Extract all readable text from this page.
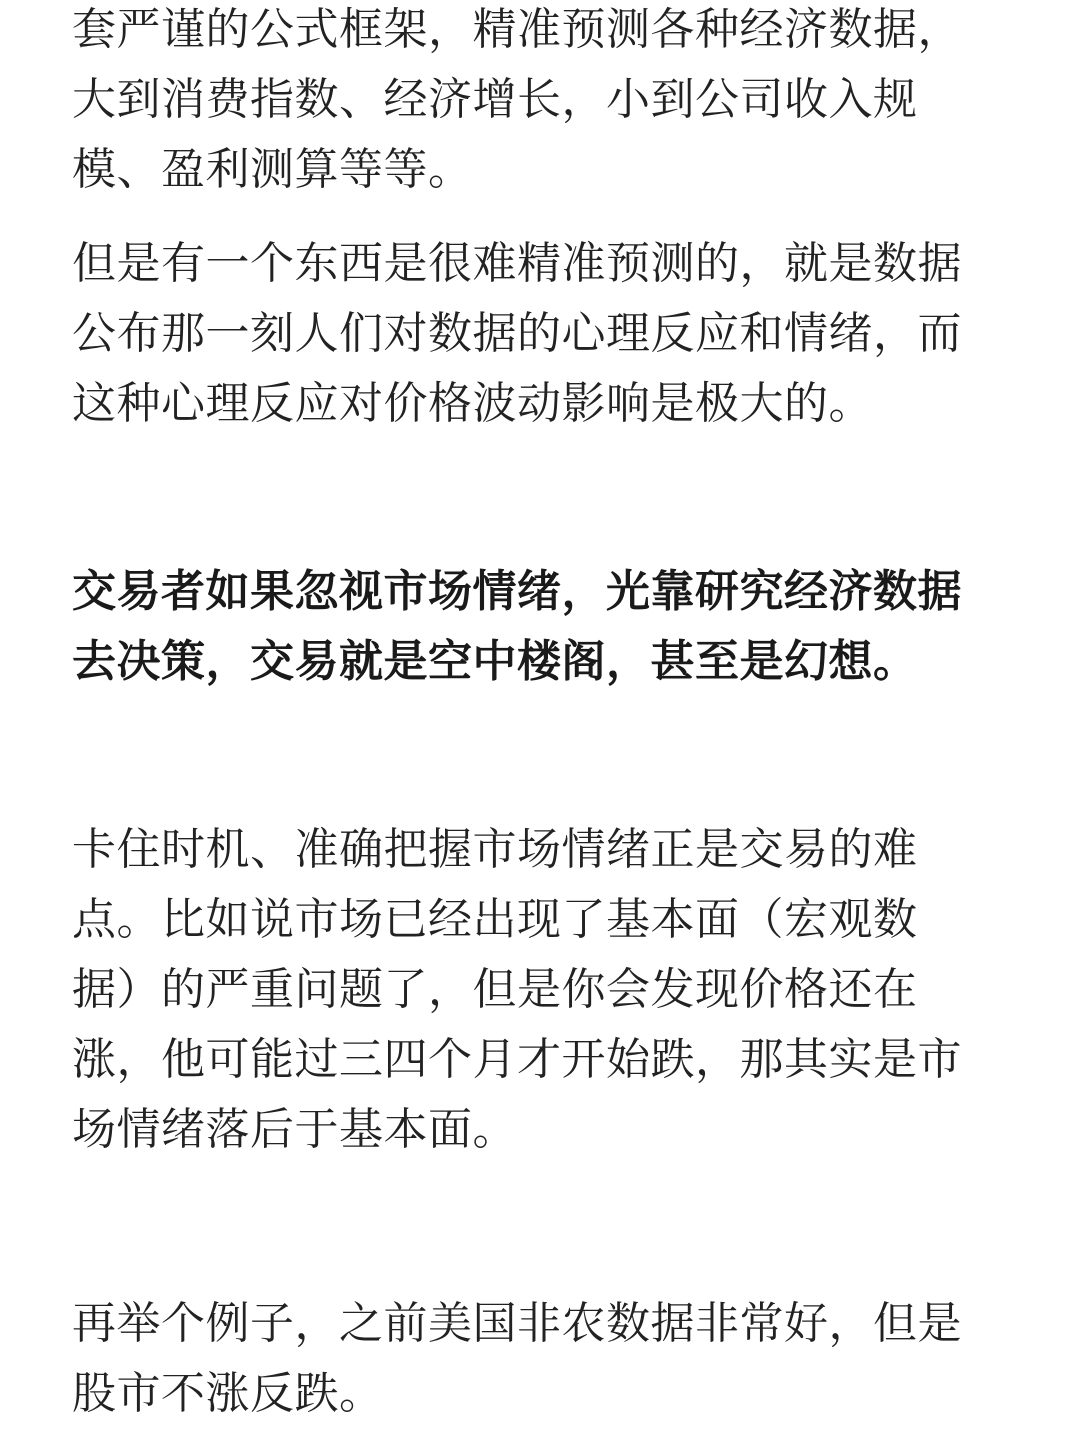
套严谨的公式框架，精准预测各种经济数据，
大到消费指数、经济增长，小到公司收入规
模、盈利测算等等。
但是有一个东西是很难精准预测的，就是数据
公布那一刻人们对数据的心理反应和情绪，而
这种心理反应对价格波动影响是极大的。
交易者如果忽视市场情绪，光靠研究经济数据
去决策，交易就是空中楼阁，甚至是幻想。
卡住时机、准确把握市场情绪正是交易的难
点。比如说市场已经出现了基本面（宏观数
据）的严重问题了，但是你会发现价格还在
涨，他可能过三四个月才开始跌，那其实是市
场情绪落后于基本面。
再举个例子，之前美国非农数据非常好，但是
股市不涨反跌。
